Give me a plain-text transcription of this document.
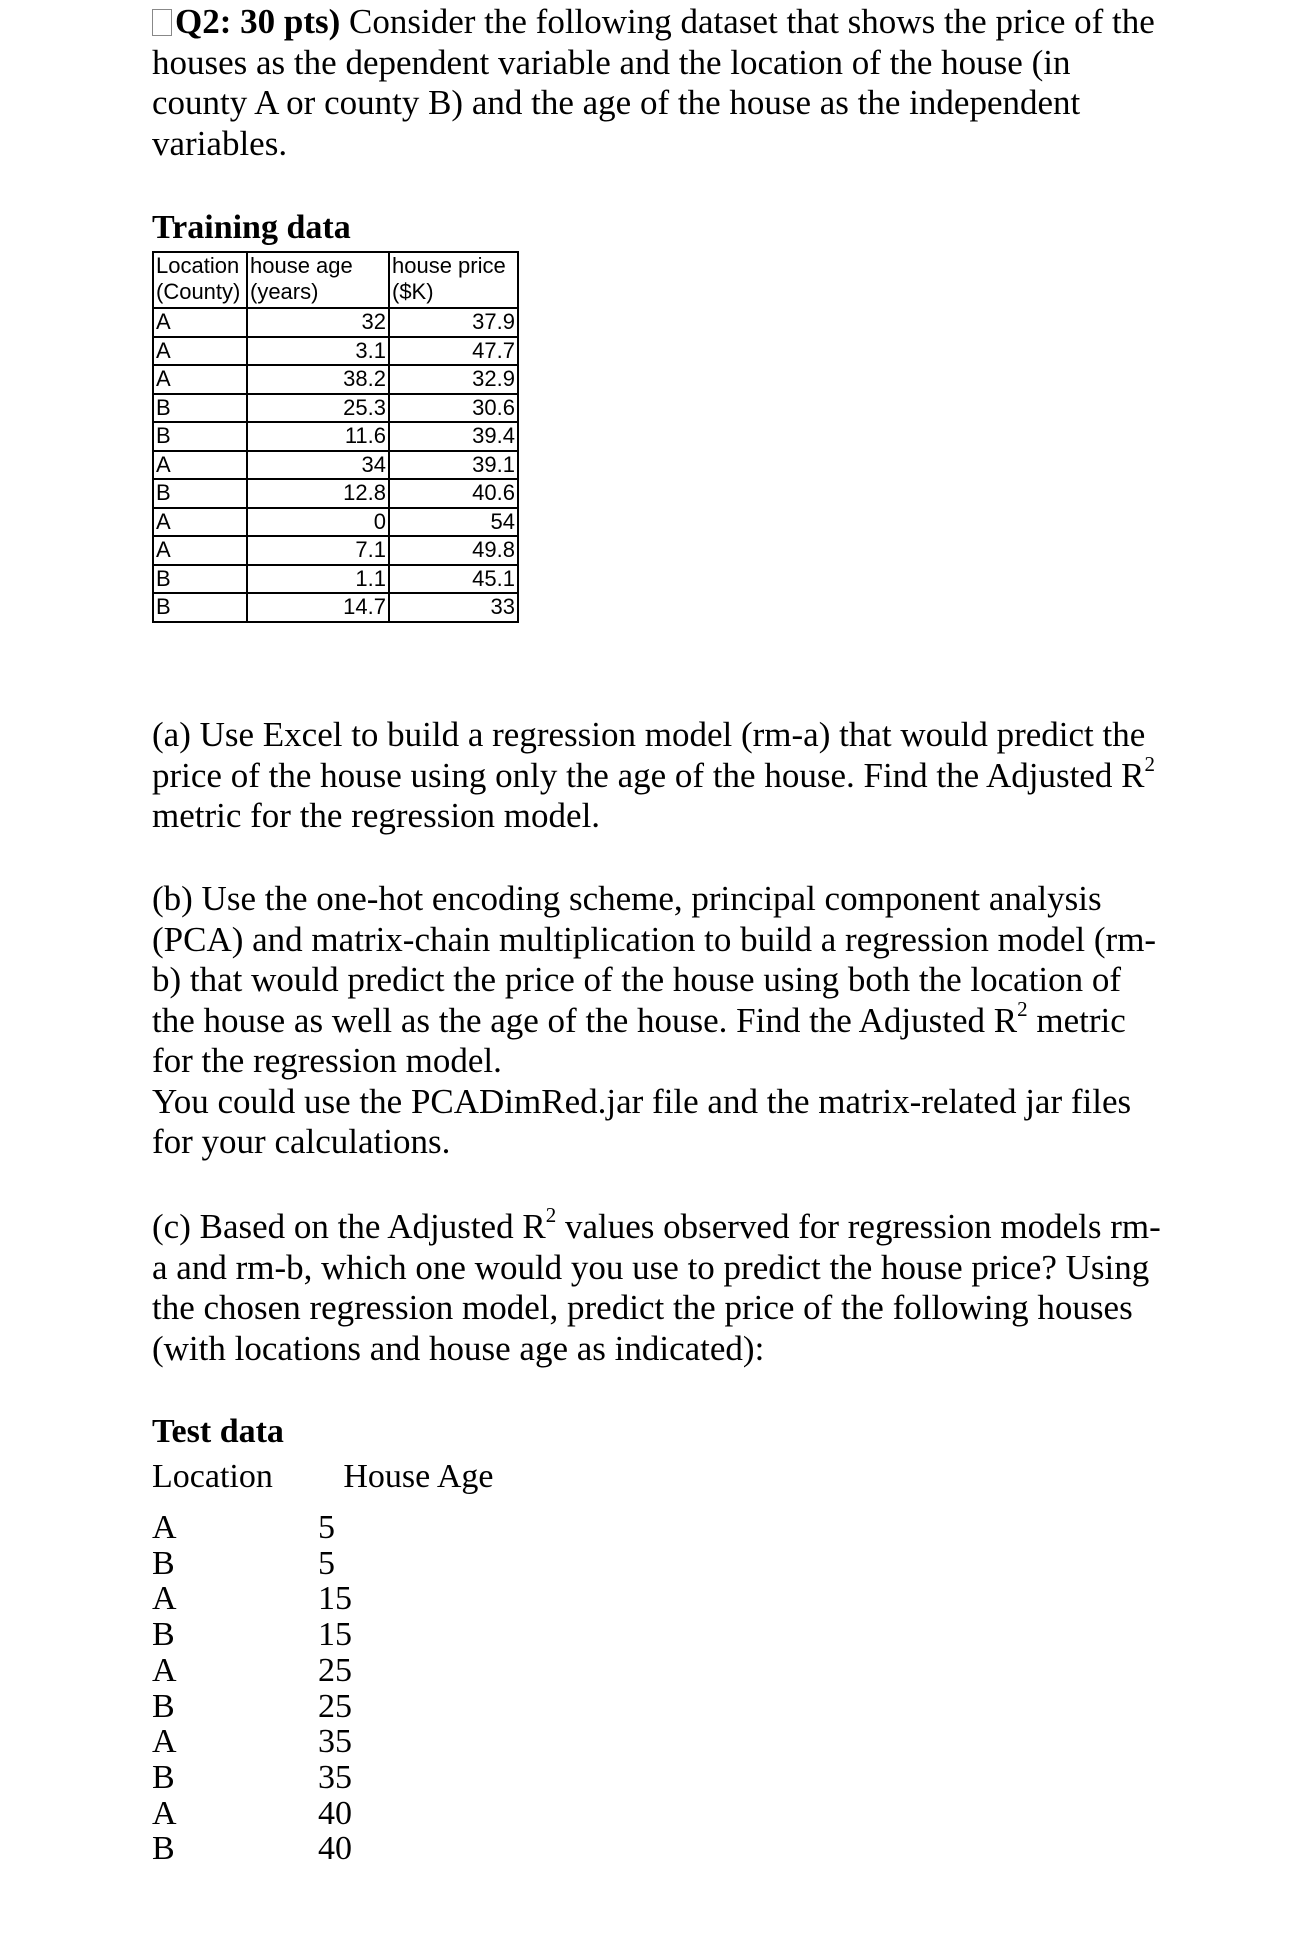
Q2: 30 pts) Consider the following dataset that shows the price of the houses as the dependent variable and the location of the house (in county A or county B) and the age of the house as the independent variables.

Training data
Location (County)	house age (years)	house price ($K)
A	32	37.9
A	3.1	47.7
A	38.2	32.9
B	25.3	30.6
B	11.6	39.4
A	34	39.1
B	12.8	40.6
A	0	54
A	7.1	49.8
B	1.1	45.1
B	14.7	33

(a) Use Excel to build a regression model (rm-a) that would predict the price of the house using only the age of the house. Find the Adjusted $R^2$ metric for the regression model.

(b) Use the one-hot encoding scheme, principal component analysis (PCA) and matrix-chain multiplication to build a regression model (rm-b) that would predict the price of the house using both the location of the house as well as the age of the house. Find the Adjusted $R^2$ metric for the regression model.
You could use the PCADimRed.jar file and the matrix-related jar files for your calculations.

(c) Based on the Adjusted $R^2$ values observed for regression models rm-a and rm-b, which one would you use to predict the house price? Using the chosen regression model, predict the price of the following houses (with locations and house age as indicated):

Test data
Location House Age
A	5
B	5
A	15
B	15
A	25
B	25
A	35
B	35
A	40
B	40
